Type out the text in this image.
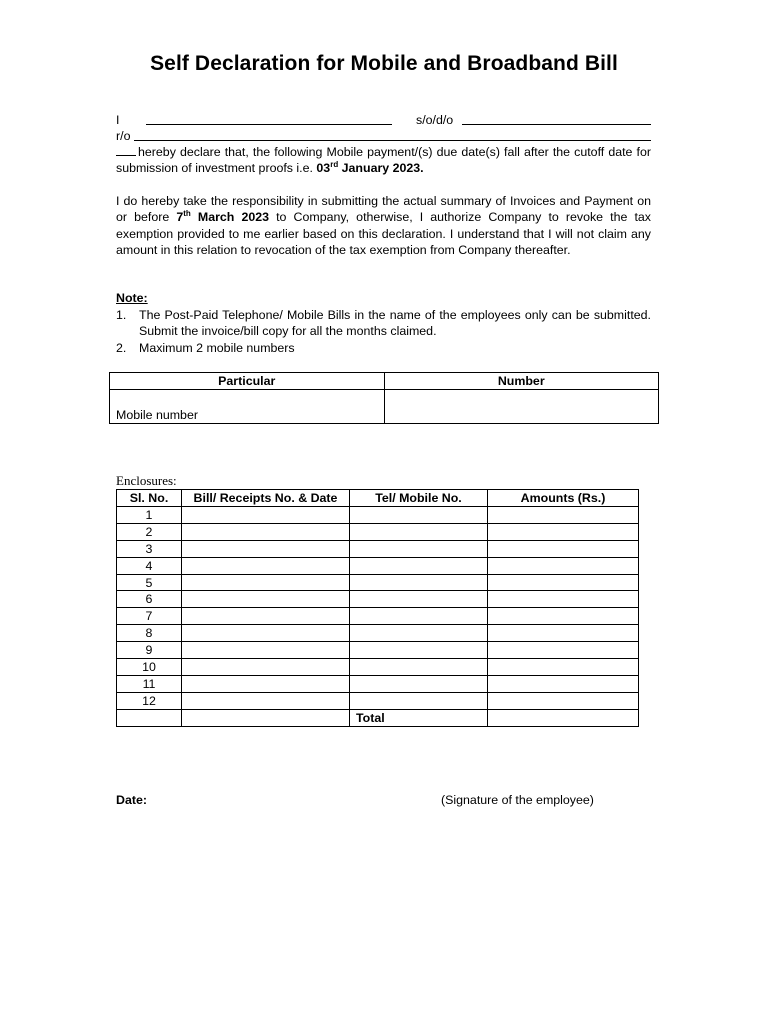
Self Declaration for Mobile and Broadband Bill
I	s/o/d/o
r/o
hereby declare that, the following Mobile payment/(s) due date(s) fall after the cutoff date for submission of investment proofs i.e. 03rd January 2023.
I do hereby take the responsibility in submitting the actual summary of Invoices and Payment on or before 7th March 2023 to Company, otherwise, I authorize Company to revoke the tax exemption provided to me earlier based on this declaration. I understand that I will not claim any amount in this relation to revocation of the tax exemption from Company thereafter.
Note:
1. The Post-Paid Telephone/ Mobile Bills in the name of the employees only can be submitted. Submit the invoice/bill copy for all the months claimed.
2. Maximum 2 mobile numbers
Particular	Number
Mobile number	
Enclosures:
Sl. No.	Bill/ Receipts No. & Date	Tel/ Mobile No.	Amounts (Rs.)
1			
2			
3			
4			
5			
6			
7			
8			
9			
10			
11			
12			
		Total	
Date:	(Signature of the employee)
